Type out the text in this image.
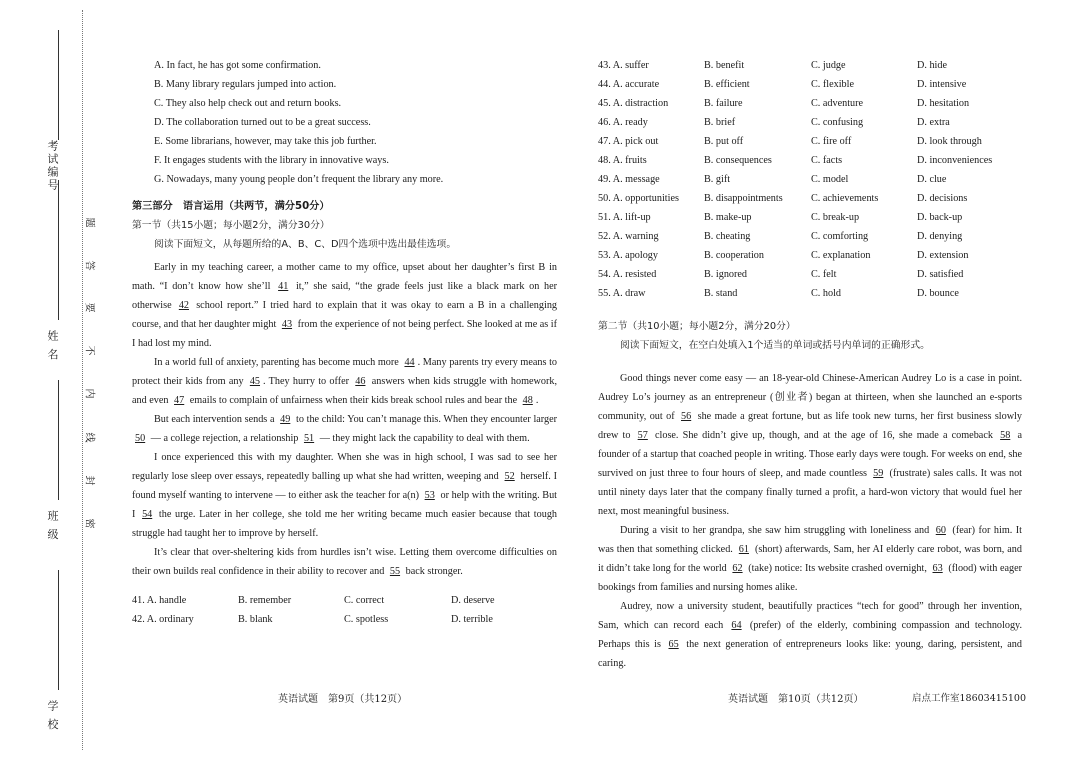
考试编号
姓 名
班 级
学 校
题
答
要
不
内
线
封
密
A. In fact, he has got some confirmation.
B. Many library regulars jumped into action.
C. They also help check out and return books.
D. The collaboration turned out to be a great success.
E. Some librarians, however, may take this job further.
F. It engages students with the library in innovative ways.
G. Nowadays, many young people don’t frequent the library any more.
第三部分　语言运用（共两节，满分50分）
第一节（共15小题；每小题2分，满分30分）
阅读下面短文，从每题所给的A、B、C、D四个选项中选出最佳选项。

Early in my teaching career, a mother came to my office, upset about her daughter’s first B in math. “I don’t know how she’ll 41 it,” she said, “the grade feels just like a black mark on her otherwise 42 school report.” I tried hard to explain that it was okay to earn a B in a challenging course, and that her daughter might 43 from the experience of not being perfect. She looked at me as if I had lost my mind.

In a world full of anxiety, parenting has become much more 44 . Many parents try every means to protect their kids from any 45 . They hurry to offer 46 answers when kids struggle with homework, and even 47 emails to complain of unfairness when their kids break school rules and bear the 48 .

But each intervention sends a 49 to the child: You can’t manage this. When they encounter larger 50 — a college rejection, a relationship 51 — they might lack the capability to deal with them.

I once experienced this with my daughter. When she was in high school, I was sad to see her regularly lose sleep over essays, repeatedly balling up what she had written, weeping and 52 herself. I found myself wanting to intervene — to either ask the teacher for a(n) 53 or help with the writing. But I 54 the urge. Later in her college, she told me her writing became much easier because that tough struggle had taught her to improve by herself.

It’s clear that over-sheltering kids from hurdles isn’t wise. Letting them overcome difficulties on their own builds real confidence in their ability to recover and 55 back stronger.

41. A. handle	B. remember	C. correct	D. deserve
42. A. ordinary	B. blank	C. spotless	D. terrible
43. A. suffer	B. benefit	C. judge	D. hide
44. A. accurate	B. efficient	C. flexible	D. intensive
45. A. distraction	B. failure	C. adventure	D. hesitation
46. A. ready	B. brief	C. confusing	D. extra
47. A. pick out	B. put off	C. fire off	D. look through
48. A. fruits	B. consequences	C. facts	D. inconveniences
49. A. message	B. gift	C. model	D. clue
50. A. opportunities	B. disappointments	C. achievements	D. decisions
51. A. lift-up	B. make-up	C. break-up	D. back-up
52. A. warning	B. cheating	C. comforting	D. denying
53. A. apology	B. cooperation	C. explanation	D. extension
54. A. resisted	B. ignored	C. felt	D. satisfied
55. A. draw	B. stand	C. hold	D. bounce
第二节（共10小题；每小题2分，满分20分）
阅读下面短文，在空白处填入1个适当的单词或括号内单词的正确形式。

Good things never come easy — an 18-year-old Chinese-American Audrey Lo is a case in point. Audrey Lo’s journey as an entrepreneur (创业者) began at thirteen, when she launched an e-sports community, out of 56 she made a great fortune, but as life took new turns, her first business slowly drew to 57 close. She didn’t give up, though, and at the age of 16, she made a comeback 58 a founder of a startup that coached people in writing. Those early days were tough. For weeks on end, she survived on just three to four hours of sleep, and made countless 59 (frustrate) sales calls. It was not until ninety days later that the company finally turned a profit, a hard-won victory that would fuel her next, most meaningful business.

During a visit to her grandpa, she saw him struggling with loneliness and 60 (fear) for him. It was then that something clicked. 61 (short) afterwards, Sam, her AI elderly care robot, was born, and it didn’t take long for the world 62 (take) notice: Its website crashed overnight, 63 (flood) with eager bookings from families and nursing homes alike.

Audrey, now a university student, beautifully practices “tech for good” through her invention, Sam, which can record each 64 (prefer) of the elderly, combining compassion and technology. Perhaps this is 65 the next generation of entrepreneurs looks like: young, daring, persistent, and caring.

英语试题　第9页（共12页）	英语试题　第10页（共12页）	启点工作室18603415100
